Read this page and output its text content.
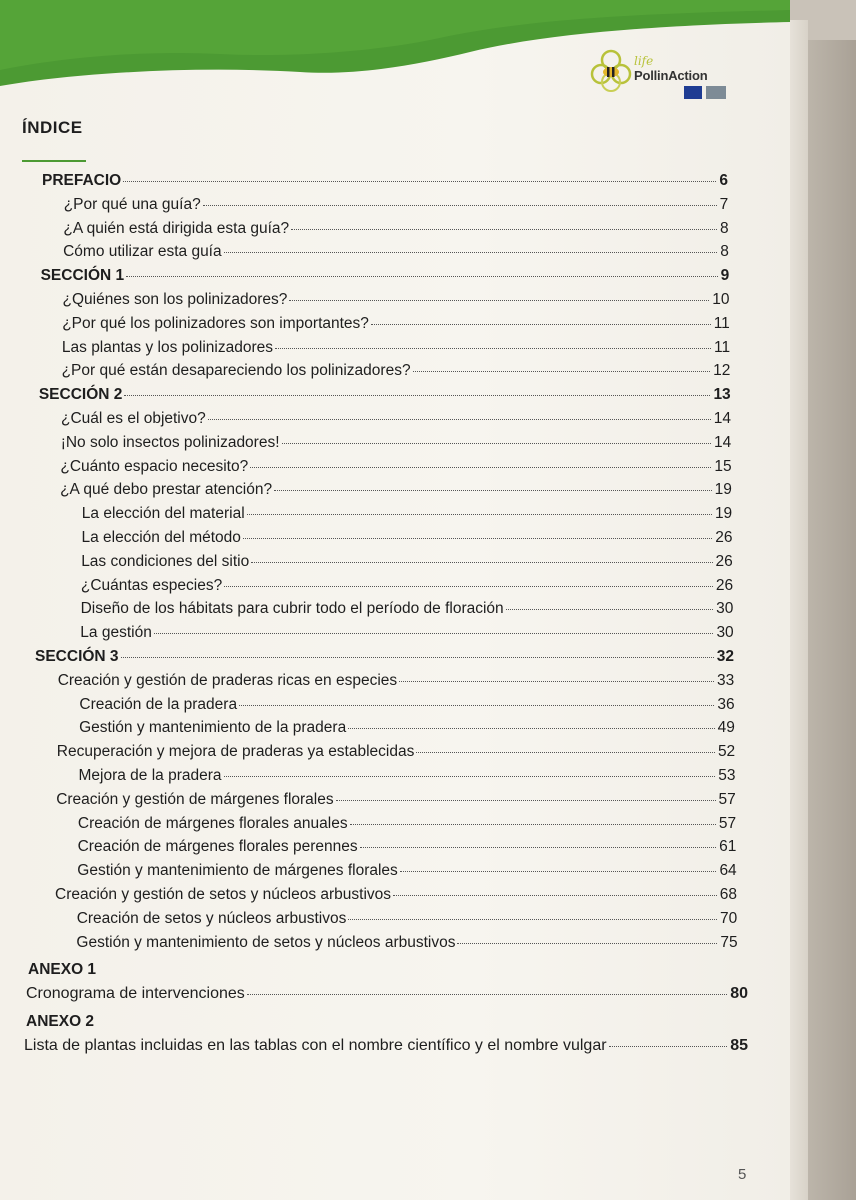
life
PollinAction
ÍNDICE
PREFACIO	6
¿Por qué una guía?	7
¿A quién está dirigida esta guía?	8
Cómo utilizar esta guía	8
SECCIÓN 1	9
¿Quiénes son los polinizadores?	10
¿Por qué los polinizadores son importantes?	11
Las plantas y los polinizadores	11
¿Por qué están desapareciendo los polinizadores?	12
SECCIÓN 2	13
¿Cuál es el objetivo?	14
¡No solo insectos polinizadores!	14
¿Cuánto espacio necesito?	15
¿A qué debo prestar atención?	19
La elección del material	19
La elección del método	26
Las condiciones del sitio	26
¿Cuántas especies?	26
Diseño de los hábitats para cubrir todo el período de floración	30
La gestión	30
SECCIÓN 3	32
Creación y gestión de praderas ricas en especies	33
Creación de la pradera	36
Gestión y mantenimiento de la pradera	49
Recuperación y mejora de praderas ya establecidas	52
Mejora de la pradera	53
Creación y gestión de márgenes florales	57
Creación de márgenes florales anuales	57
Creación de márgenes florales perennes	61
Gestión y mantenimiento de márgenes florales	64
Creación y gestión de setos y núcleos arbustivos	68
Creación de setos y núcleos arbustivos	70
Gestión y mantenimiento de setos y núcleos arbustivos	75
ANEXO 1
Cronograma de intervenciones	80
ANEXO 2
Lista de plantas incluidas en las tablas con el nombre científico y el nombre vulgar	85
5
